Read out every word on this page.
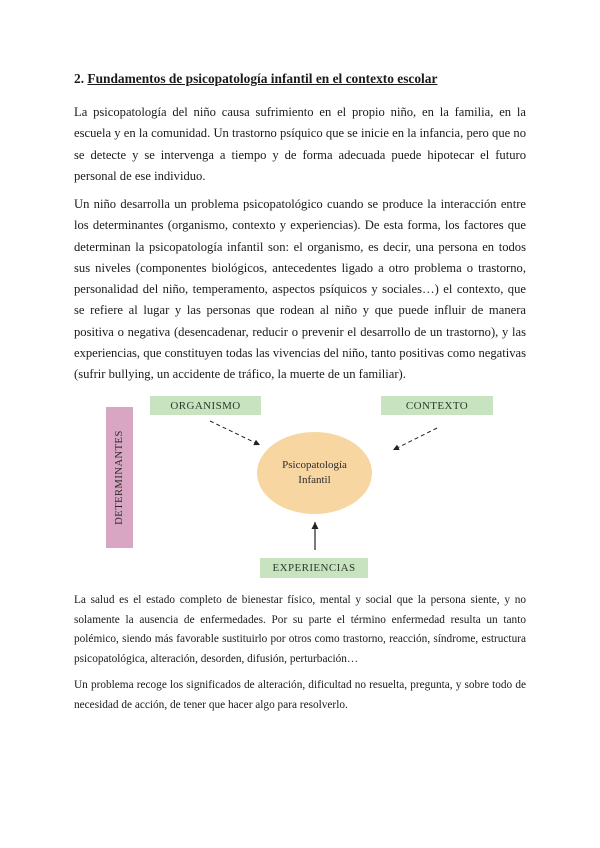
2. Fundamentos de psicopatología infantil en el contexto escolar

La psicopatología del niño causa sufrimiento en el propio niño, en la familia, en la escuela y en la comunidad. Un trastorno psíquico que se inicie en la infancia, pero que no se detecte y se intervenga a tiempo y de forma adecuada puede hipotecar el futuro personal de ese individuo.

Un niño desarrolla un problema psicopatológico cuando se produce la interacción entre los determinantes (organismo, contexto y experiencias). De esta forma, los factores que determinan la psicopatología infantil son: el organismo, es decir, una persona en todos sus niveles (componentes biológicos, antecedentes ligado a otro problema o trastorno, personalidad del niño, temperamento, aspectos psíquicos y sociales…) el contexto, que se refiere al lugar y las personas que rodean al niño y que puede influir de manera positiva o negativa (desencadenar, reducir o prevenir el desarrollo de un trastorno), y las experiencias, que constituyen todas las vivencias del niño, tanto positivas como negativas (sufrir bullying, un accidente de tráfico, la muerte de un familiar).

ORGANISMO	CONTEXTO
DETERMINANTES	Psicopatología
Infantil
EXPERIENCIAS

La salud es el estado completo de bienestar físico, mental y social que la persona siente, y no solamente la ausencia de enfermedades. Por su parte el término enfermedad resulta un tanto polémico, siendo más favorable sustituirlo por otros como trastorno, reacción, síndrome, estructura psicopatológica, alteración, desorden, difusión, perturbación…

Un problema recoge los significados de alteración, dificultad no resuelta, pregunta, y sobre todo de necesidad de acción, de tener que hacer algo para resolverlo.
